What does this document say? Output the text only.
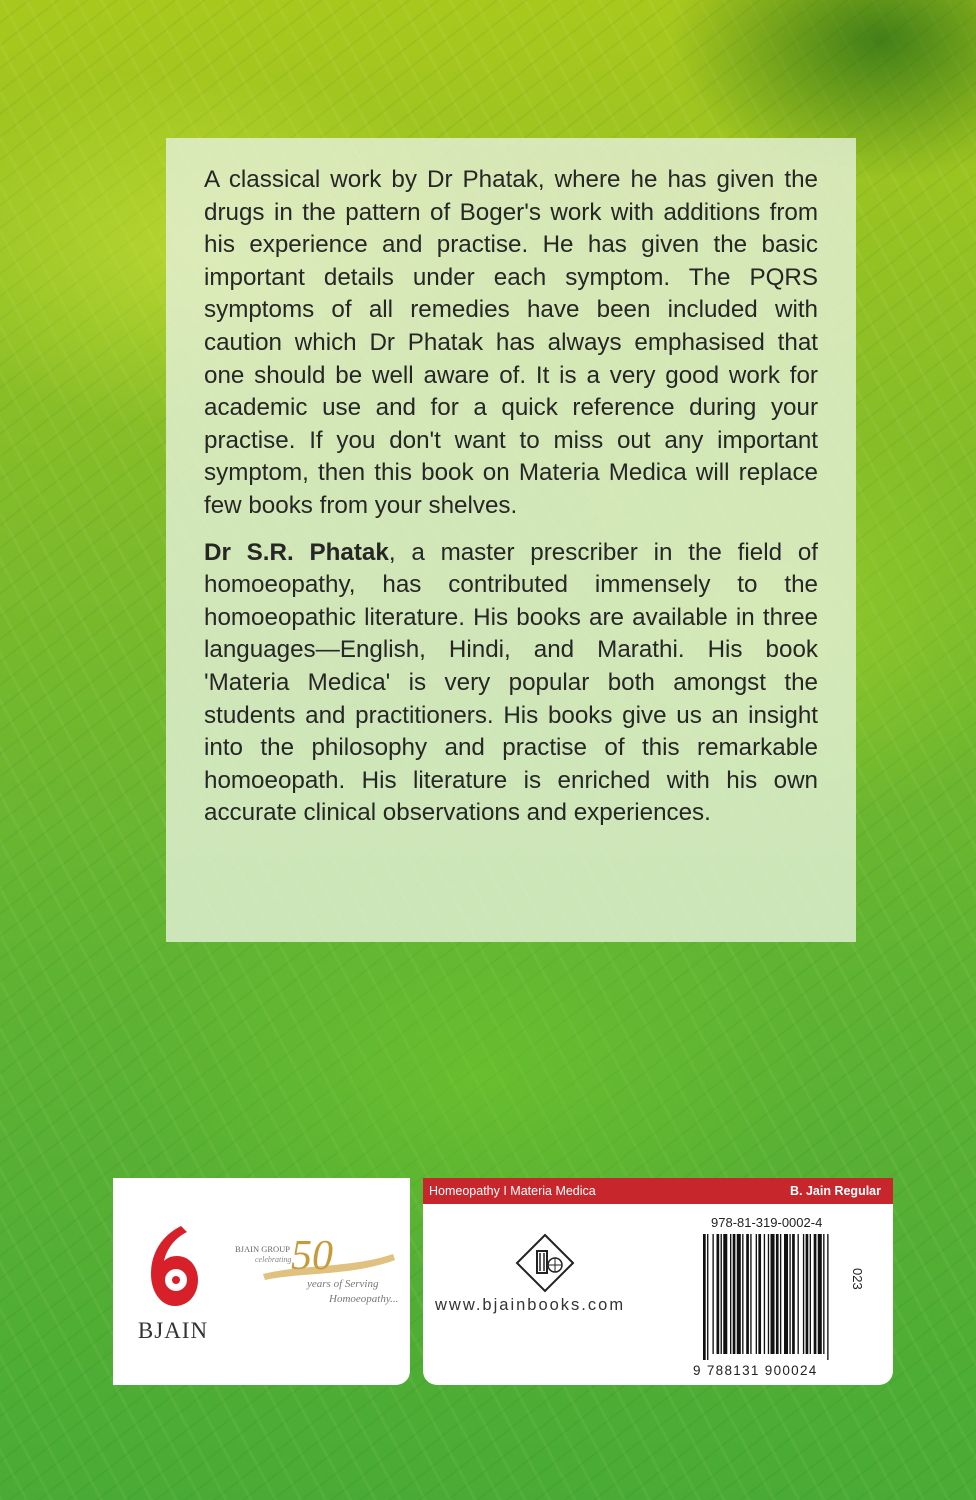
A classical work by Dr Phatak, where he has given the drugs in the pattern of Boger's work with additions from his experience and practise. He has given the basic important details under each symptom. The PQRS symptoms of all remedies have been included with caution which Dr Phatak has always emphasised that one should be well aware of. It is a very good work for academic use and for a quick reference during your practise. If you don't want to miss out any important symptom, then this book on Materia Medica will replace few books from your shelves.

Dr S.R. Phatak, a master prescriber in the field of homoeopathy, has contributed immensely to the homoeopathic literature. His books are available in three languages—English, Hindi, and Marathi. His book 'Materia Medica' is very popular both amongst the students and practitioners. His books give us an insight into the philosophy and practise of this remarkable homoeopath. His literature is enriched with his own accurate clinical observations and experiences.

BJAIN
BJAIN GROUP
celebrating 50
years of Serving
Homoeopathy...
Homeopathy I Materia Medica	B. Jain Regular
978-81-319-0002-4
www.bjainbooks.com
023
9 788131 900024
